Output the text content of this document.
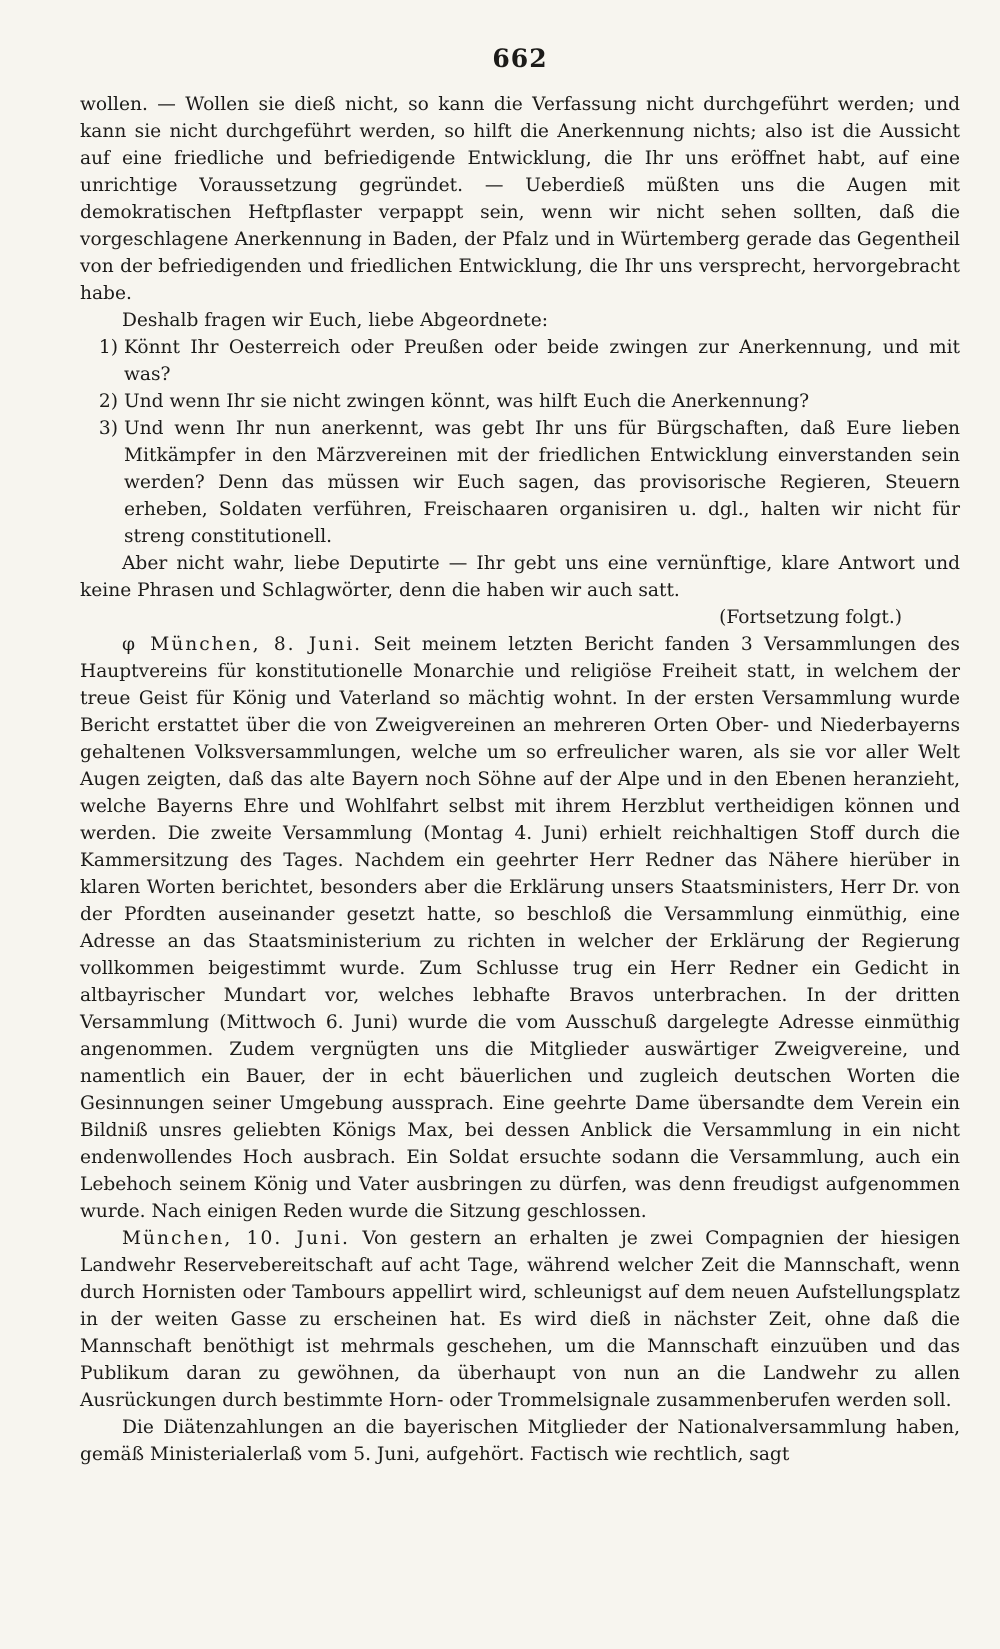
662

wollen. — Wollen sie dieß nicht, so kann die Verfassung nicht durchgeführt werden; und kann sie nicht durchgeführt werden, so hilft die Anerkennung nichts; also ist die Aussicht auf eine friedliche und befriedigende Entwicklung, die Ihr uns eröffnet habt, auf eine unrichtige Voraussetzung gegründet. — Ueberdieß müßten uns die Augen mit demokratischen Heftpflaster verpappt sein, wenn wir nicht sehen sollten, daß die vorgeschlagene Anerkennung in Baden, der Pfalz und in Würtemberg gerade das Gegentheil von der befriedigenden und friedlichen Entwicklung, die Ihr uns versprecht, hervorgebracht habe.

Deshalb fragen wir Euch, liebe Abgeordnete:

1) Könnt Ihr Oesterreich oder Preußen oder beide zwingen zur Anerkennung, und mit was?
2) Und wenn Ihr sie nicht zwingen könnt, was hilft Euch die Anerkennung?
3) Und wenn Ihr nun anerkennt, was gebt Ihr uns für Bürgschaften, daß Eure lieben Mitkämpfer in den Märzvereinen mit der friedlichen Entwicklung einverstanden sein werden? Denn das müssen wir Euch sagen, das provisorische Regieren, Steuern erheben, Soldaten verführen, Freischaaren organisiren u. dgl., halten wir nicht für streng constitutionell.

Aber nicht wahr, liebe Deputirte — Ihr gebt uns eine vernünftige, klare Antwort und keine Phrasen und Schlagwörter, denn die haben wir auch satt.

(Fortsetzung folgt.)

φ München, 8. Juni. Seit meinem letzten Bericht fanden 3 Versammlungen des Hauptvereins für konstitutionelle Monarchie und religiöse Freiheit statt, in welchem der treue Geist für König und Vaterland so mächtig wohnt. In der ersten Versammlung wurde Bericht erstattet über die von Zweigvereinen an mehreren Orten Ober- und Niederbayerns gehaltenen Volksversammlungen, welche um so erfreulicher waren, als sie vor aller Welt Augen zeigten, daß das alte Bayern noch Söhne auf der Alpe und in den Ebenen heranzieht, welche Bayerns Ehre und Wohlfahrt selbst mit ihrem Herzblut vertheidigen können und werden. Die zweite Versammlung (Montag 4. Juni) erhielt reichhaltigen Stoff durch die Kammersitzung des Tages. Nachdem ein geehrter Herr Redner das Nähere hierüber in klaren Worten berichtet, besonders aber die Erklärung unsers Staatsministers, Herr Dr. von der Pfordten auseinander gesetzt hatte, so beschloß die Versammlung einmüthig, eine Adresse an das Staatsministerium zu richten in welcher der Erklärung der Regierung vollkommen beigestimmt wurde. Zum Schlusse trug ein Herr Redner ein Gedicht in altbayrischer Mundart vor, welches lebhafte Bravos unterbrachen. In der dritten Versammlung (Mittwoch 6. Juni) wurde die vom Ausschuß dargelegte Adresse einmüthig angenommen. Zudem vergnügten uns die Mitglieder auswärtiger Zweigvereine, und namentlich ein Bauer, der in echt bäuerlichen und zugleich deutschen Worten die Gesinnungen seiner Umgebung aussprach. Eine geehrte Dame übersandte dem Verein ein Bildniß unsres geliebten Königs Max, bei dessen Anblick die Versammlung in ein nicht endenwollendes Hoch ausbrach. Ein Soldat ersuchte sodann die Versammlung, auch ein Lebehoch seinem König und Vater ausbringen zu dürfen, was denn freudigst aufgenommen wurde. Nach einigen Reden wurde die Sitzung geschlossen.

München, 10. Juni. Von gestern an erhalten je zwei Compagnien der hiesigen Landwehr Reservebereitschaft auf acht Tage, während welcher Zeit die Mannschaft, wenn durch Hornisten oder Tambours appellirt wird, schleunigst auf dem neuen Aufstellungsplatz in der weiten Gasse zu erscheinen hat. Es wird dieß in nächster Zeit, ohne daß die Mannschaft benöthigt ist mehrmals geschehen, um die Mannschaft einzuüben und das Publikum daran zu gewöhnen, da überhaupt von nun an die Landwehr zu allen Ausrückungen durch bestimmte Horn- oder Trommelsignale zusammenberufen werden soll.

Die Diätenzahlungen an die bayerischen Mitglieder der Nationalversammlung haben, gemäß Ministerialerlaß vom 5. Juni, aufgehört. Factisch wie rechtlich, sagt
